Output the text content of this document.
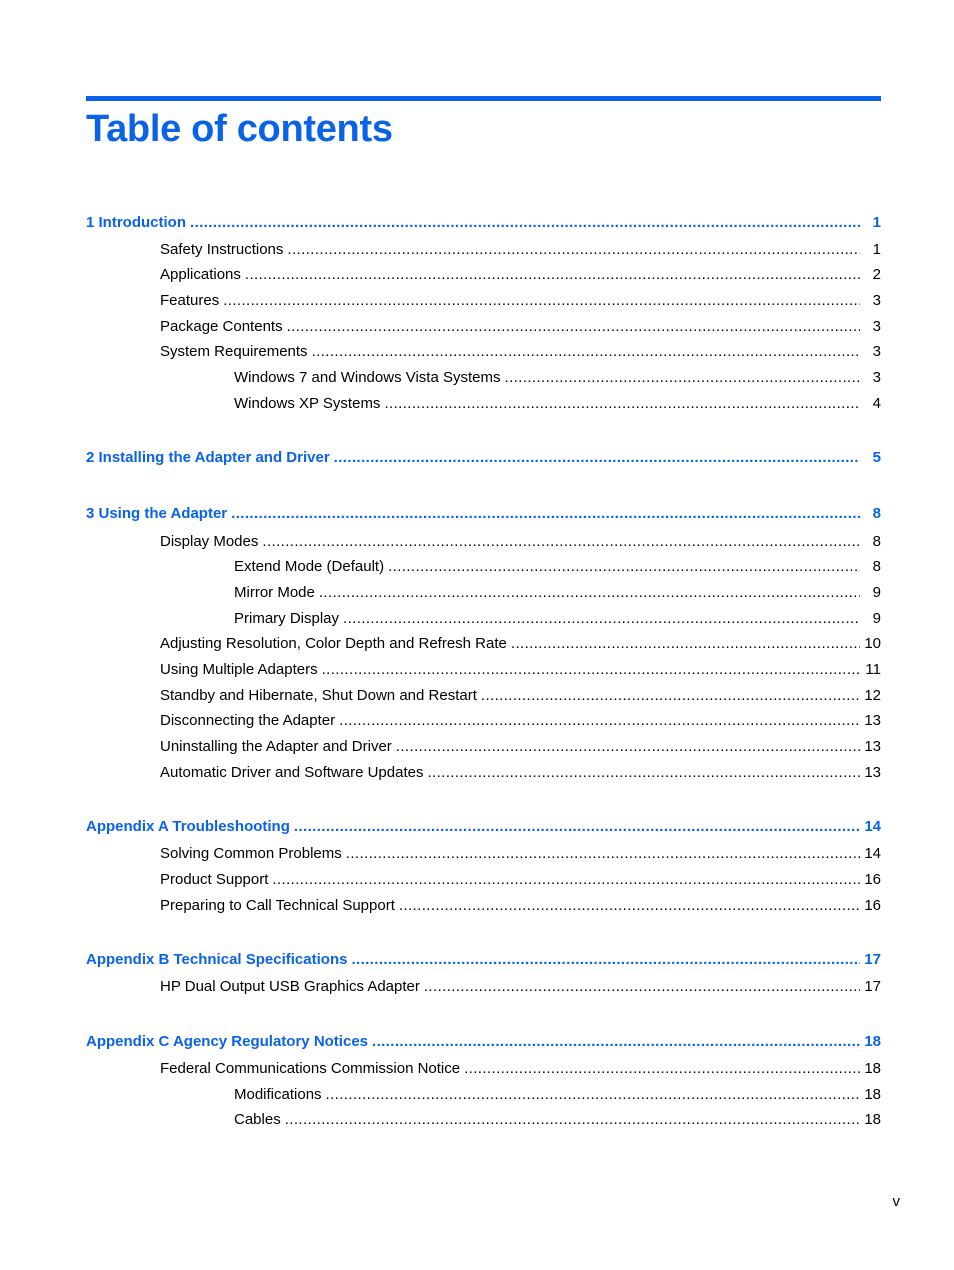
Table of contents
1 Introduction .....	1
Safety Instructions .....	1
Applications .....	2
Features .....	3
Package Contents .....	3
System Requirements .....	3
Windows 7 and Windows Vista Systems .....	3
Windows XP Systems .....	4
2 Installing the Adapter and Driver .....	5
3 Using the Adapter .....	8
Display Modes .....	8
Extend Mode (Default) .....	8
Mirror Mode .....	9
Primary Display .....	9
Adjusting Resolution, Color Depth and Refresh Rate .....	10
Using Multiple Adapters .....	11
Standby and Hibernate, Shut Down and Restart .....	12
Disconnecting the Adapter .....	13
Uninstalling the Adapter and Driver .....	13
Automatic Driver and Software Updates .....	13
Appendix A Troubleshooting .....	14
Solving Common Problems .....	14
Product Support .....	16
Preparing to Call Technical Support .....	16
Appendix B Technical Specifications .....	17
HP Dual Output USB Graphics Adapter .....	17
Appendix C Agency Regulatory Notices .....	18
Federal Communications Commission Notice .....	18
Modifications .....	18
Cables .....	18
v
